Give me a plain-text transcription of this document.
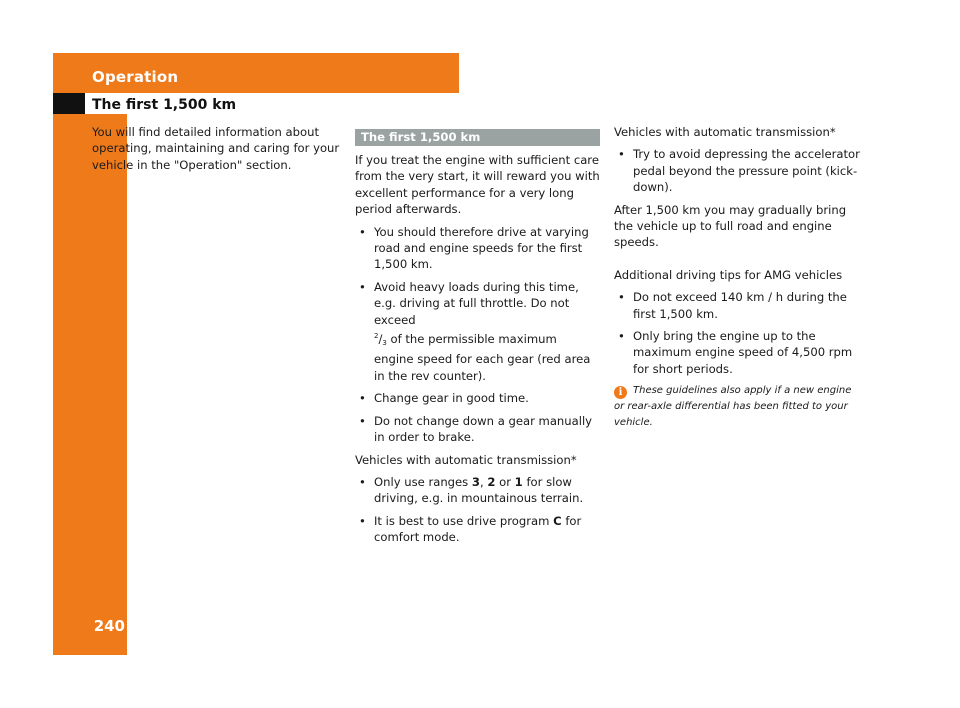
Operation
The first 1,500 km
240

You will find detailed information about operating, maintaining and caring for your vehicle in the "Operation" section.

The first 1,500 km

If you treat the engine with sufficient care from the very start, it will reward you with excellent performance for a very long period afterwards.

• You should therefore drive at varying road and engine speeds for the first 1,500 km.
• Avoid heavy loads during this time, e.g. driving at full throttle. Do not exceed
$^2/_3$ of the permissible maximum engine speed for each gear (red area in the rev counter).
• Change gear in good time.
• Do not change down a gear manually in order to brake.

Vehicles with automatic transmission*

• Only use ranges 3, 2 or 1 for slow driving, e.g. in mountainous terrain.
• It is best to use drive program C for comfort mode.

Vehicles with automatic transmission*

• Try to avoid depressing the accelerator pedal beyond the pressure point (kick-down).

After 1,500 km you may gradually bring the vehicle up to full road and engine speeds.

Additional driving tips for AMG vehicles

• Do not exceed 140 km / h during the first 1,500 km.
• Only bring the engine up to the maximum engine speed of 4,500 rpm for short periods.
i These guidelines also apply if a new engine or rear-axle differential has been fitted to your vehicle.
